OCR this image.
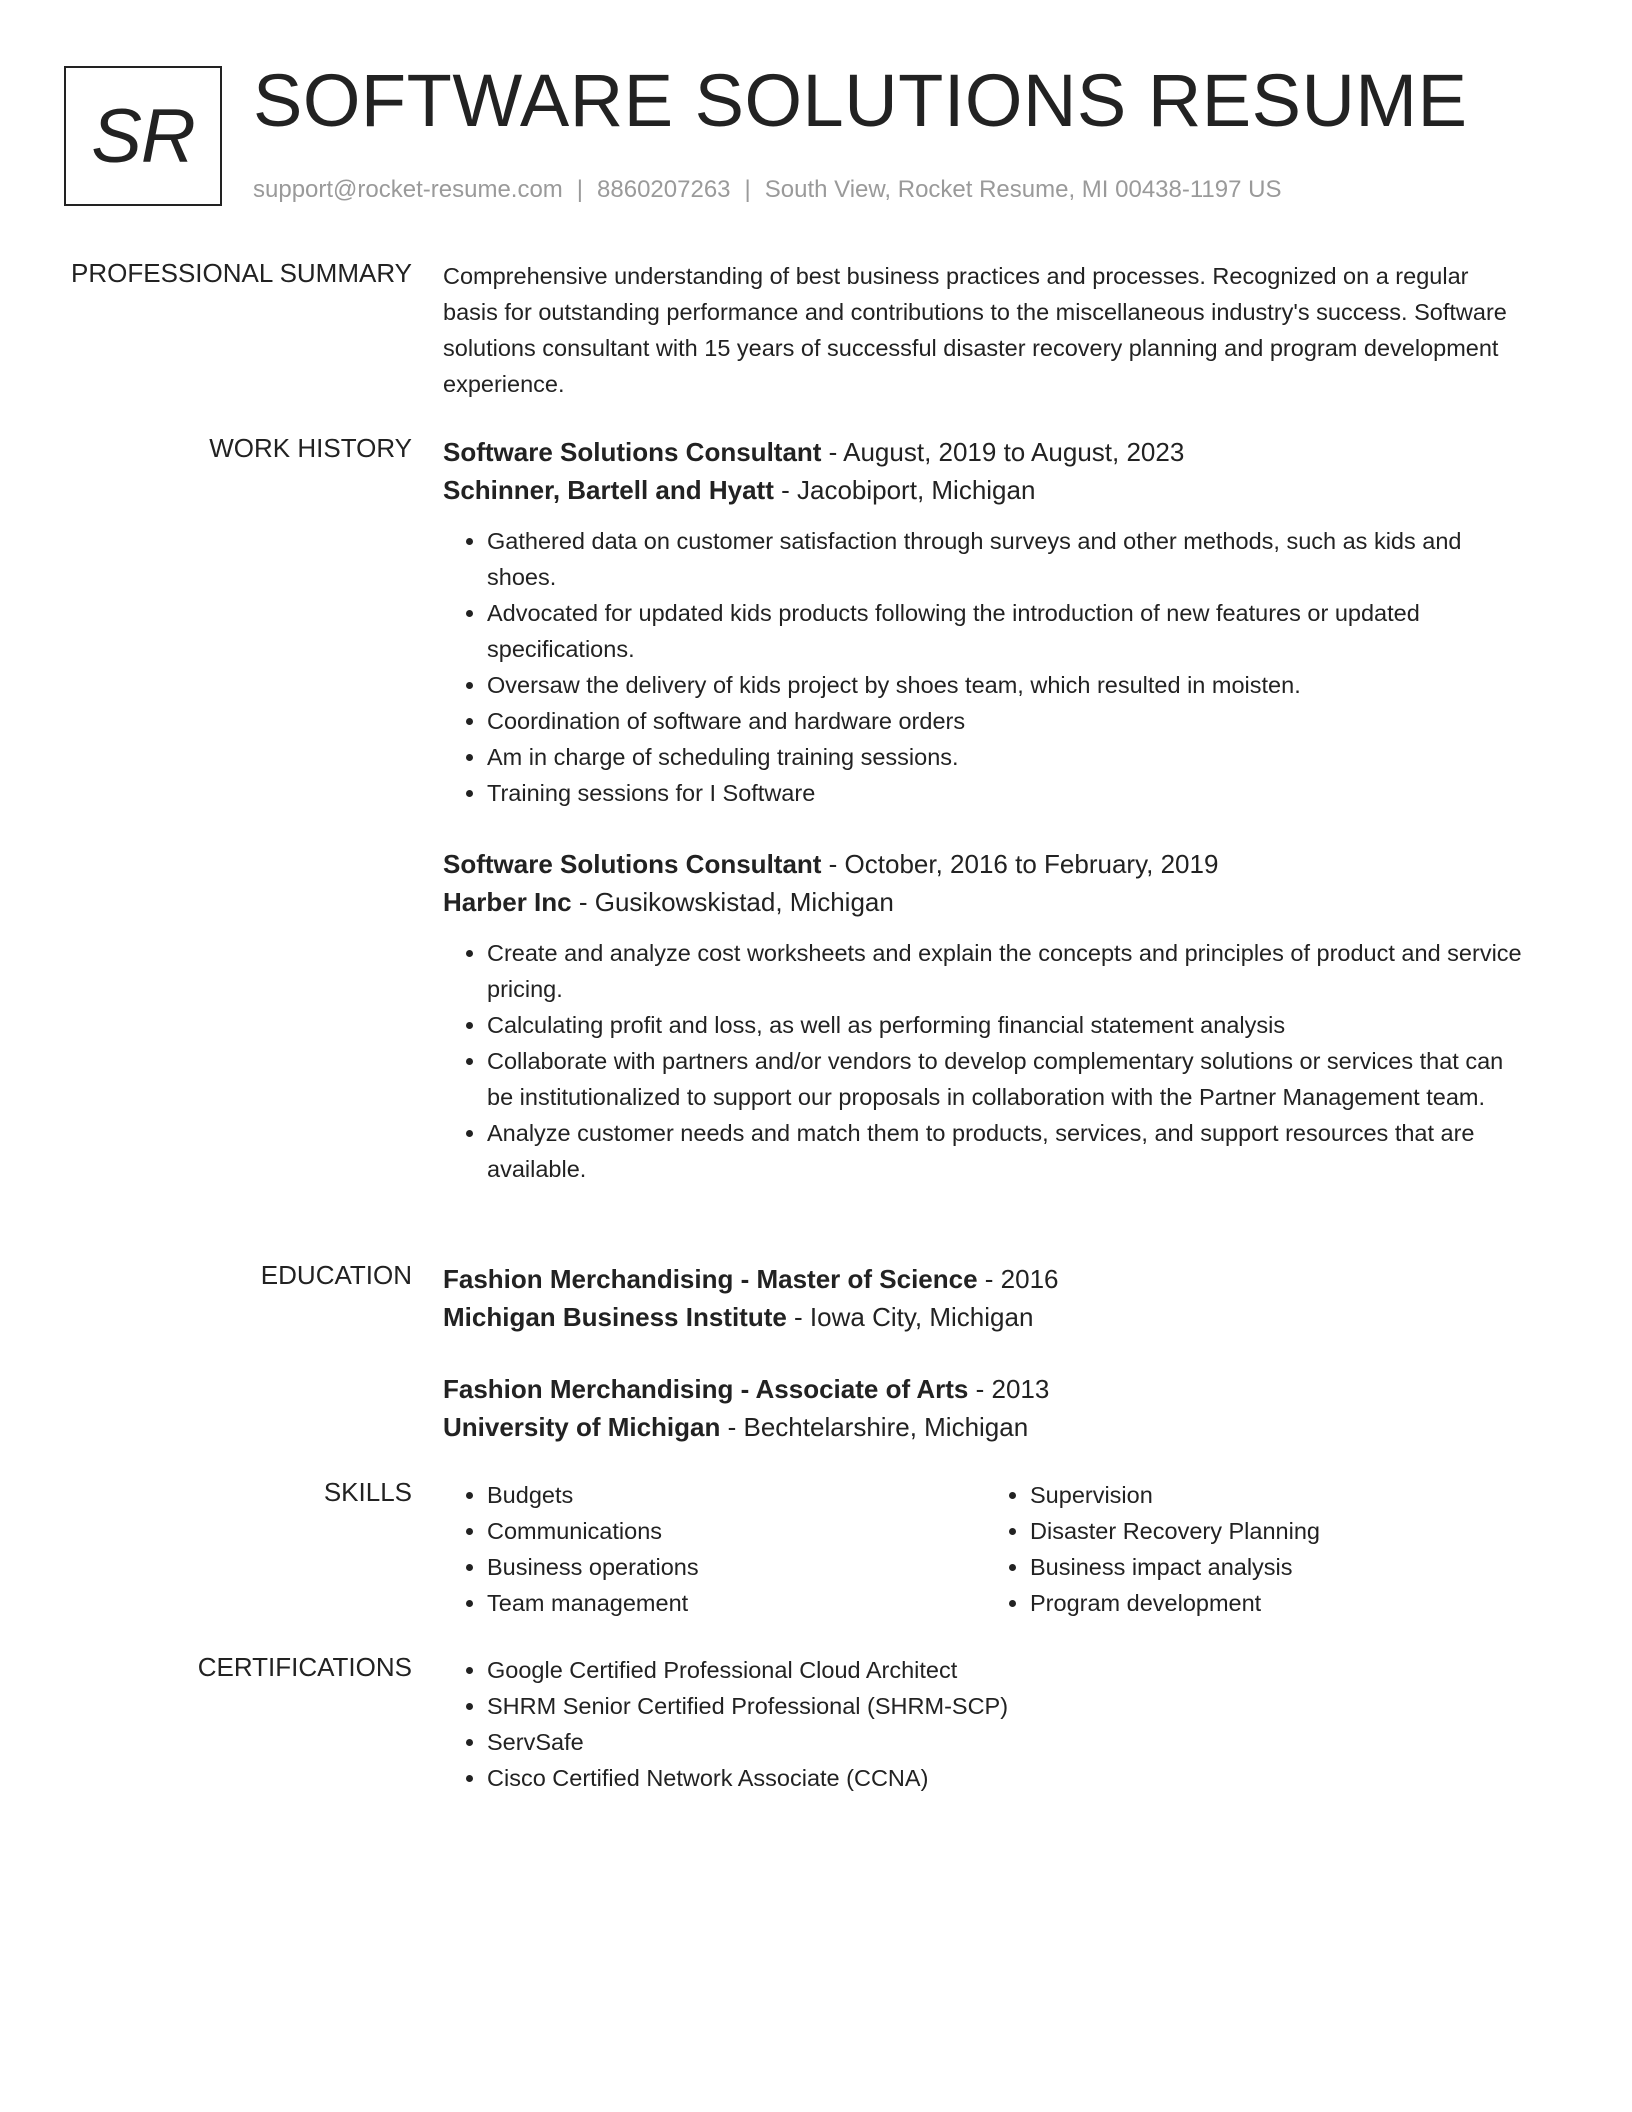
SR SOFTWARE SOLUTIONS RESUME
support@rocket-resume.com | 8860207263 | South View, Rocket Resume, MI 00438-1197 US
PROFESSIONAL SUMMARY Comprehensive understanding of best business practices and processes. Recognized on a regular basis for outstanding performance and contributions to the miscellaneous industry's success. Software solutions consultant with 15 years of successful disaster recovery planning and program development experience.

WORK HISTORY Software Solutions Consultant - August, 2019 to August, 2023
Schinner, Bartell and Hyatt - Jacobiport, Michigan
• Gathered data on customer satisfaction through surveys and other methods, such as kids and shoes.
• Advocated for updated kids products following the introduction of new features or updated specifications.
• Oversaw the delivery of kids project by shoes team, which resulted in moisten.
• Coordination of software and hardware orders
• Am in charge of scheduling training sessions.
• Training sessions for I Software
Software Solutions Consultant - October, 2016 to February, 2019
Harber Inc - Gusikowskistad, Michigan
• Create and analyze cost worksheets and explain the concepts and principles of product and service pricing.
• Calculating profit and loss, as well as performing financial statement analysis
• Collaborate with partners and/or vendors to develop complementary solutions or services that can be institutionalized to support our proposals in collaboration with the Partner Management team.
• Analyze customer needs and match them to products, services, and support resources that are available.
EDUCATION Fashion Merchandising - Master of Science - 2016
Michigan Business Institute - Iowa City, Michigan
Fashion Merchandising - Associate of Arts - 2013
University of Michigan - Bechtelarshire, Michigan
SKILLS	• Budgets
• Communications
• Business operations
• Team management
• Supervision
• Disaster Recovery Planning
• Business impact analysis
• Program development
CERTIFICATIONS	• Google Certified Professional Cloud Architect
• SHRM Senior Certified Professional (SHRM-SCP)
• ServSafe
• Cisco Certified Network Associate (CCNA)
